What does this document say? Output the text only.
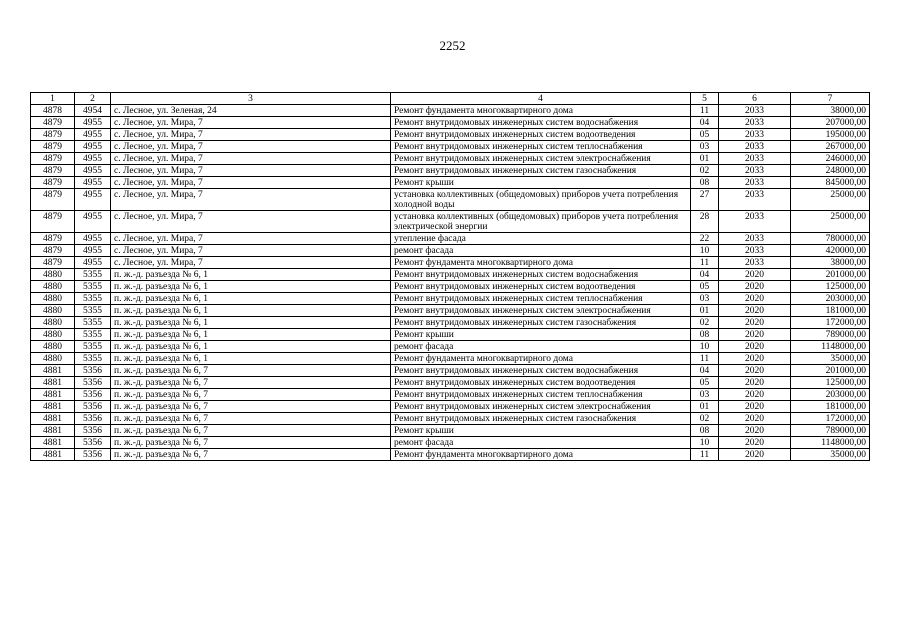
2252
1	2	3	4	5	6	7
4878	4954	с. Лесное, ул. Зеленая, 24	Ремонт фундамента многоквартирного дома	11	2033	38000,00
4879	4955	с. Лесное, ул. Мира, 7	Ремонт внутридомовых инженерных систем водоснабжения	04	2033	207000,00
4879	4955	с. Лесное, ул. Мира, 7	Ремонт внутридомовых инженерных систем водоотведения	05	2033	195000,00
4879	4955	с. Лесное, ул. Мира, 7	Ремонт внутридомовых инженерных систем теплоснабжения	03	2033	267000,00
4879	4955	с. Лесное, ул. Мира, 7	Ремонт внутридомовых инженерных систем электроснабжения	01	2033	246000,00
4879	4955	с. Лесное, ул. Мира, 7	Ремонт внутридомовых инженерных систем газоснабжения	02	2033	248000,00
4879	4955	с. Лесное, ул. Мира, 7	Ремонт крыши	08	2033	845000,00
4879	4955	с. Лесное, ул. Мира, 7	установка коллективных (общедомовых) приборов учета потребления холодной воды	27	2033	25000,00
4879	4955	с. Лесное, ул. Мира, 7	установка коллективных (общедомовых) приборов учета потребления электрической энергии	28	2033	25000,00
4879	4955	с. Лесное, ул. Мира, 7	утепление фасада	22	2033	780000,00
4879	4955	с. Лесное, ул. Мира, 7	ремонт фасада	10	2033	420000,00
4879	4955	с. Лесное, ул. Мира, 7	Ремонт фундамента многоквартирного дома	11	2033	38000,00
4880	5355	п. ж.-д. разъезда № 6, 1	Ремонт внутридомовых инженерных систем водоснабжения	04	2020	201000,00
4880	5355	п. ж.-д. разъезда № 6, 1	Ремонт внутридомовых инженерных систем водоотведения	05	2020	125000,00
4880	5355	п. ж.-д. разъезда № 6, 1	Ремонт внутридомовых инженерных систем теплоснабжения	03	2020	203000,00
4880	5355	п. ж.-д. разъезда № 6, 1	Ремонт внутридомовых инженерных систем электроснабжения	01	2020	181000,00
4880	5355	п. ж.-д. разъезда № 6, 1	Ремонт внутридомовых инженерных систем газоснабжения	02	2020	172000,00
4880	5355	п. ж.-д. разъезда № 6, 1	Ремонт крыши	08	2020	789000,00
4880	5355	п. ж.-д. разъезда № 6, 1	ремонт фасада	10	2020	1148000,00
4880	5355	п. ж.-д. разъезда № 6, 1	Ремонт фундамента многоквартирного дома	11	2020	35000,00
4881	5356	п. ж.-д. разъезда № 6, 7	Ремонт внутридомовых инженерных систем водоснабжения	04	2020	201000,00
4881	5356	п. ж.-д. разъезда № 6, 7	Ремонт внутридомовых инженерных систем водоотведения	05	2020	125000,00
4881	5356	п. ж.-д. разъезда № 6, 7	Ремонт внутридомовых инженерных систем теплоснабжения	03	2020	203000,00
4881	5356	п. ж.-д. разъезда № 6, 7	Ремонт внутридомовых инженерных систем электроснабжения	01	2020	181000,00
4881	5356	п. ж.-д. разъезда № 6, 7	Ремонт внутридомовых инженерных систем газоснабжения	02	2020	172000,00
4881	5356	п. ж.-д. разъезда № 6, 7	Ремонт крыши	08	2020	789000,00
4881	5356	п. ж.-д. разъезда № 6, 7	ремонт фасада	10	2020	1148000,00
4881	5356	п. ж.-д. разъезда № 6, 7	Ремонт фундамента многоквартирного дома	11	2020	35000,00
